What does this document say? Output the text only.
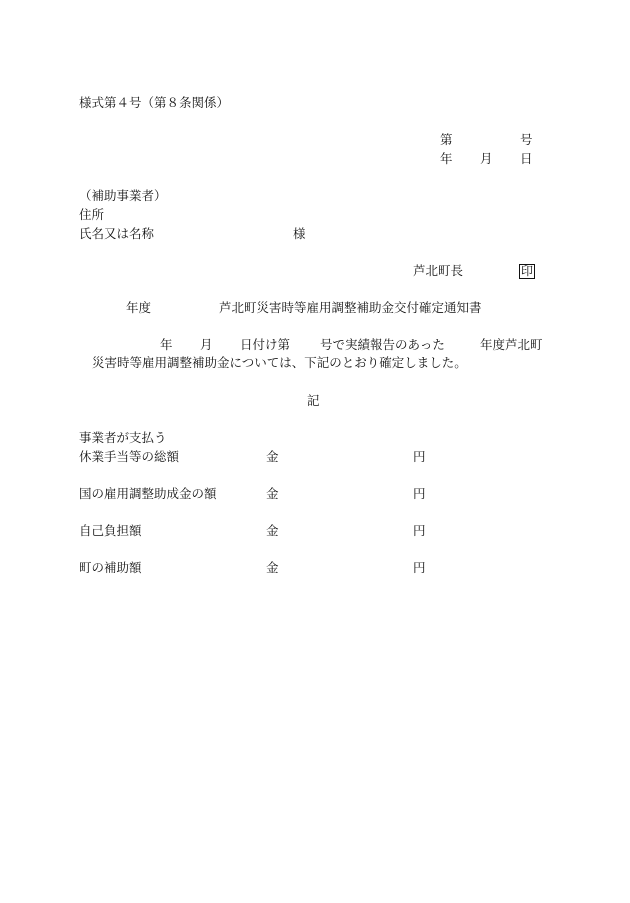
様式第４号（第８条関係）
第	号
年 月 日
（補助事業者）
住所
氏名又は名称	様
芦北町長	印
年度	芦北町災害時等雇用調整補助金交付確定通知書
年 月 日付け第 号で実績報告のあった	年度芦北町
災害時等雇用調整補助金については、下記のとおり確定しました。
記
事業者が支払う
休業手当等の総額	金	円
国の雇用調整助成金の額	金	円
自己負担額	金	円
町の補助額	金	円
